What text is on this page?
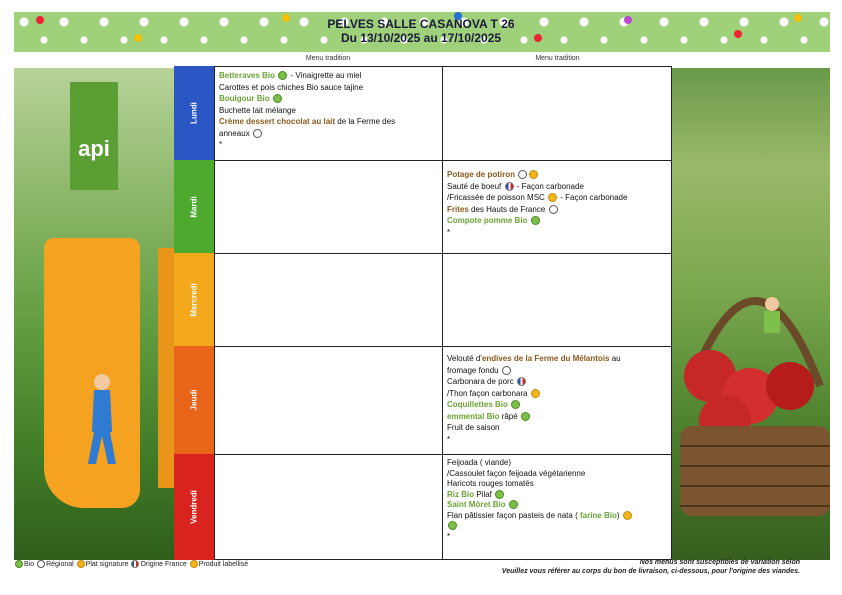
PELVES SALLE CASANOVA T 26
Du 13/10/2025 au 17/10/2025
api
Menu tradition	Menu tradition
Lundi
Mardi
Mercredi
Jeudi
Vendredi
Betteraves Bio  - Vinaigrette au miel
Carottes et pois chiches Bio sauce tajine
Boulgour Bio
Buchette lait mélange
Crème dessert chocolat au lait de la Ferme des
anneaux
*
Potage de potiron
Sauté de boeuf  - Façon carbonade
/Fricassée de poisson MSC  - Façon carbonade
Frites des Hauts de France
Compote pomme Bio
*
Velouté d'endives de la Ferme du Mélantois au
fromage fondu
Carbonara de porc
/Thon façon carbonara
Coquillettes Bio
emmental Bio râpé
Fruit de saison
*
Feijoada ( viande)
/Cassoulet façon feijoada végétarienne
Haricots rouges tomatés
Riz Bio Pilaf
Saint Môret Bio
Flan pâtissier façon pasteis de nata ( farine Bio)
*
Bio Régional Plat signature Origine France Produit labellisé	Nos menus sont susceptibles de variation selon
Veuillez vous référer au corps du bon de livraison, ci-dessous, pour l'origine des viandes.
